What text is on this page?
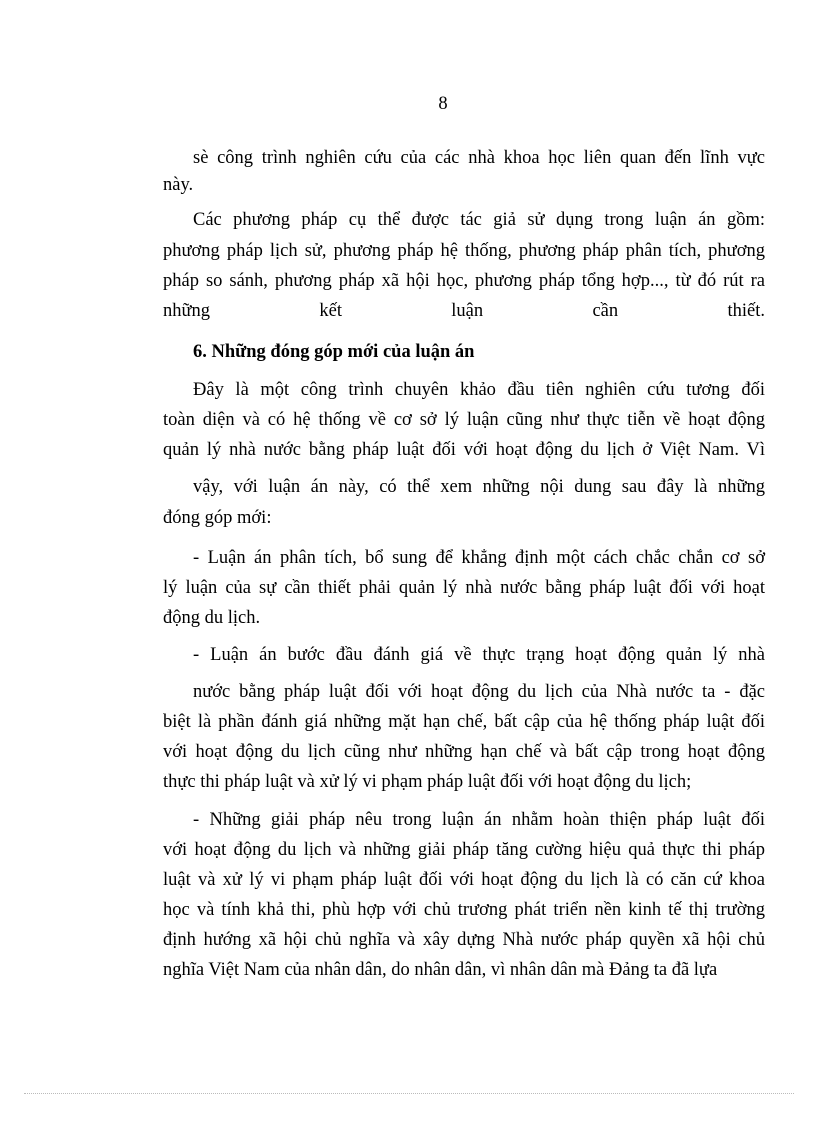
8
sè công trình nghiên cứu của các nhà khoa học liên quan đến lĩnh vực
này.
Các phương pháp cụ thể được tác giả sử dụng trong luận án gồm:
phương pháp lịch sử, phương pháp hệ thống, phương pháp phân tích, phương
pháp so sánh, phương pháp xã hội học, phương pháp tổng hợp..., từ đó rút ra
những kết luận cần thiết.
6. Những đóng góp mới của luận án
Đây là một công trình chuyên khảo đầu tiên nghiên cứu tương đối
toàn diện và có hệ thống về cơ sở lý luận cũng như thực tiễn về hoạt động
quản lý nhà nước bằng pháp luật đối với hoạt động du lịch ở Việt Nam. Vì
vậy, với luận án này, có thể xem những nội dung sau đây là những
đóng góp mới:
- Luận án phân tích, bổ sung để khẳng định một cách chắc chắn cơ sở
lý luận của sự cần thiết phải quản lý nhà nước bằng pháp luật đối với hoạt
động du lịch.
- Luận án bước đầu đánh giá về thực trạng hoạt động quản lý nhà
nước bằng pháp luật đối với hoạt động du lịch của Nhà nước ta - đặc
biệt là phần đánh giá những mặt hạn chế, bất cập của hệ thống pháp luật đối
với hoạt động du lịch cũng như những hạn chế và bất cập trong hoạt động
thực thi pháp luật và xử lý vi phạm pháp luật đối với hoạt động du lịch;
- Những giải pháp nêu trong luận án nhằm hoàn thiện pháp luật đối
với hoạt động du lịch và những giải pháp tăng cường hiệu quả thực thi pháp
luật và xử lý vi phạm pháp luật đối với hoạt động du lịch là có căn cứ khoa
học và tính khả thi, phù hợp với chủ trương phát triển nền kinh tế thị trường
định hướng xã hội chủ nghĩa và xây dựng Nhà nước pháp quyền xã hội chủ
nghĩa Việt Nam của nhân dân, do nhân dân, vì nhân dân mà Đảng ta đã lựa
